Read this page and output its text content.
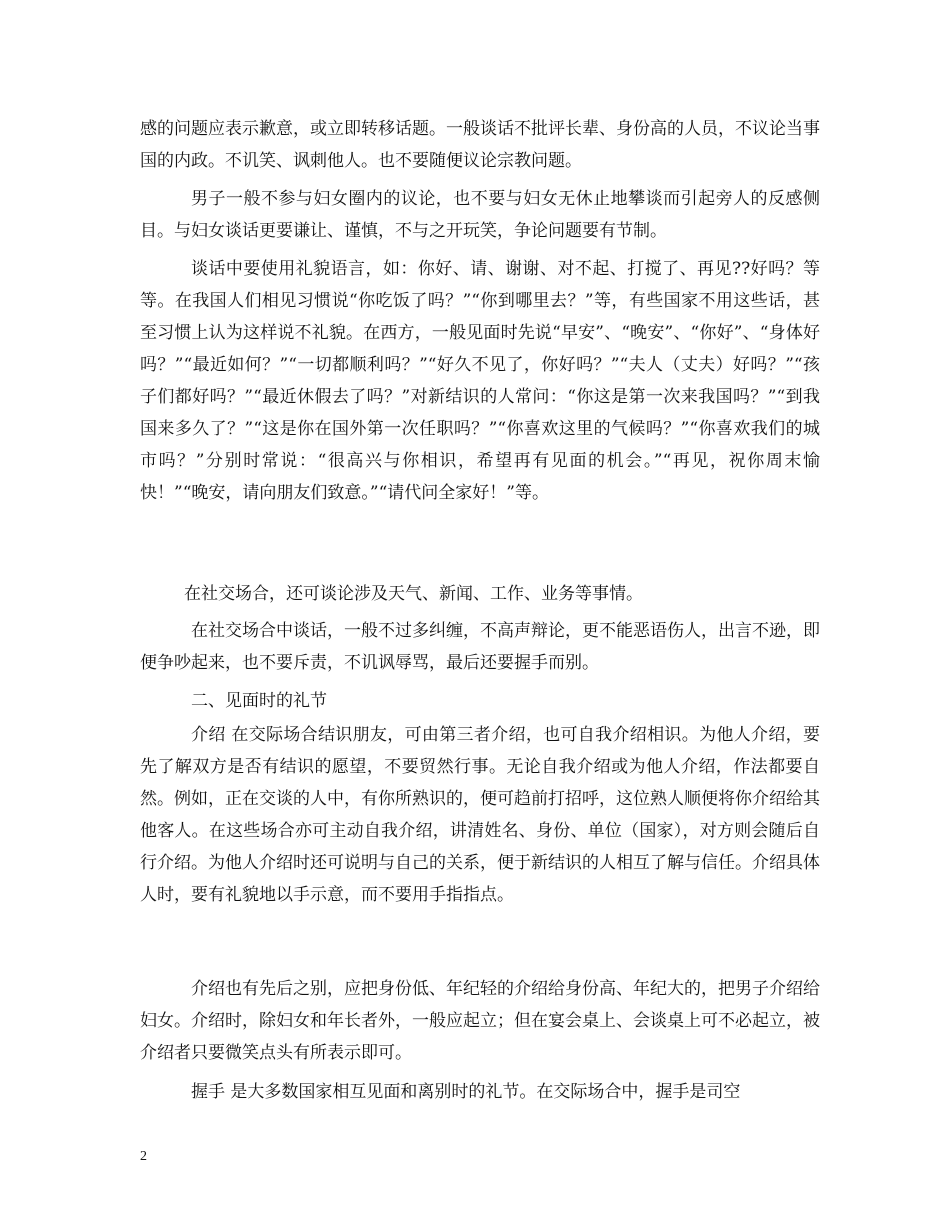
感的问题应表示歉意，或立即转移话题。一般谈话不批评长辈、身份高的人员，不议论当事国的内政。不讥笑、讽刺他人。也不要随便议论宗教问题。

男子一般不参与妇女圈内的议论，也不要与妇女无休止地攀谈而引起旁人的反感侧目。与妇女谈话更要谦让、谨慎，不与之开玩笑，争论问题要有节制。

谈话中要使用礼貌语言，如：你好、请、谢谢、对不起、打搅了、再见??好吗？等等。在我国人们相见习惯说“你吃饭了吗？”“你到哪里去？”等，有些国家不用这些话，甚至习惯上认为这样说不礼貌。在西方，一般见面时先说“早安”、“晚安”、“你好”、“身体好吗？”“最近如何？”“一切都顺利吗？”“好久不见了，你好吗？”“夫人（丈夫）好吗？”“孩子们都好吗？”“最近休假去了吗？”对新结识的人常问：“你这是第一次来我国吗？”“到我国来多久了？”“这是你在国外第一次任职吗？”“你喜欢这里的气候吗？”“你喜欢我们的城市吗？”分别时常说：“很高兴与你相识，希望再有见面的机会。”“再见，祝你周末愉快！”“晚安，请向朋友们致意。”“请代问全家好！”等。

在社交场合，还可谈论涉及天气、新闻、工作、业务等事情。

在社交场合中谈话，一般不过多纠缠，不高声辩论，更不能恶语伤人，出言不逊，即便争吵起来，也不要斥责，不讥讽辱骂，最后还要握手而别。

二、见面时的礼节

介绍 在交际场合结识朋友，可由第三者介绍，也可自我介绍相识。为他人介绍，要先了解双方是否有结识的愿望，不要贸然行事。无论自我介绍或为他人介绍，作法都要自然。例如，正在交谈的人中，有你所熟识的，便可趋前打招呼，这位熟人顺便将你介绍给其他客人。在这些场合亦可主动自我介绍，讲清姓名、身份、单位（国家），对方则会随后自行介绍。为他人介绍时还可说明与自己的关系，便于新结识的人相互了解与信任。介绍具体人时，要有礼貌地以手示意，而不要用手指指点。

介绍也有先后之别，应把身份低、年纪轻的介绍给身份高、年纪大的，把男子介绍给妇女。介绍时，除妇女和年长者外，一般应起立；但在宴会桌上、会谈桌上可不必起立，被介绍者只要微笑点头有所表示即可。

握手 是大多数国家相互见面和离别时的礼节。在交际场合中，握手是司空

2
